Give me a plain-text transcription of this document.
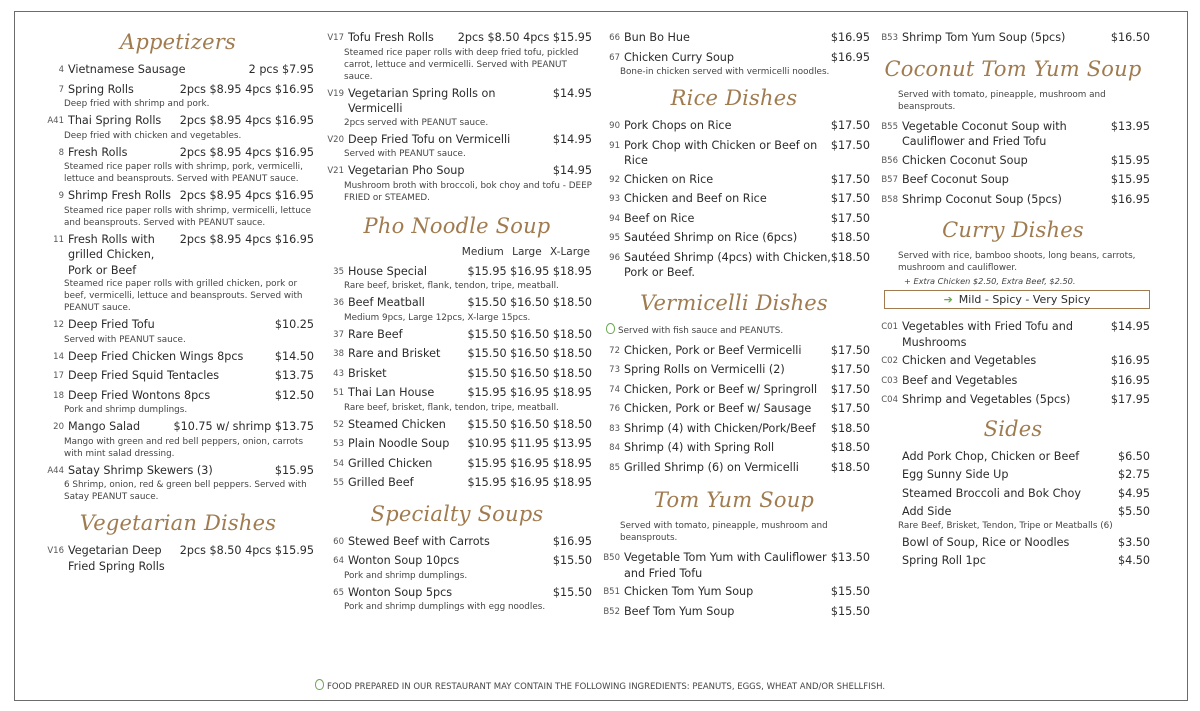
Appetizers
4 Vietnamese Sausage	2 pcs $7.95
7 Spring Rolls	2pcs $8.95 4pcs $16.95
Deep fried with shrimp and pork.
A41 Thai Spring Rolls	2pcs $8.95 4pcs $16.95
Deep fried with chicken and vegetables.
8 Fresh Rolls	2pcs $8.95 4pcs $16.95
Steamed rice paper rolls with shrimp, pork, vermicelli, lettuce and beansprouts. Served with PEANUT sauce.
9 Shrimp Fresh Rolls 2pcs $8.95 4pcs $16.95
Steamed rice paper rolls with shrimp, vermicelli, lettuce and beansprouts. Served with PEANUT sauce.
11 Fresh Rolls with grilled Chicken, Pork or Beef
2pcs $8.95 4pcs $16.95
Steamed rice paper rolls with grilled chicken, pork or beef, vermicelli, lettuce and beansprouts. Served with PEANUT sauce.
12 Deep Fried Tofu	$10.25
Served with PEANUT sauce.
14 Deep Fried Chicken Wings 8pcs	$14.50
17 Deep Fried Squid Tentacles	$13.75
18 Deep Fried Wontons 8pcs	$12.50
Pork and shrimp dumplings.
20 Mango Salad	$10.75 w/ shrimp $13.75
Mango with green and red bell peppers, onion, carrots with mint salad dressing.
A44 Satay Shrimp Skewers (3)	$15.95
6 Shrimp, onion, red & green bell peppers. Served with Satay PEANUT sauce.
Vegetarian Dishes
V16 Vegetarian Deep Fried Spring Rolls
2pcs $8.50 4pcs $15.95
V17 Tofu Fresh Rolls	2pcs $8.50 4pcs $15.95
Steamed rice paper rolls with deep fried tofu, pickled carrot, lettuce and vermicelli. Served with PEANUT sauce.
V19 Vegetarian Spring Rolls on Vermicelli
$14.95
2pcs served with PEANUT sauce.
V20 Deep Fried Tofu on Vermicelli	$14.95
Served with PEANUT sauce.
V21 Vegetarian Pho Soup	$14.95
Mushroom broth with broccoli, bok choy and tofu - DEEP FRIED or STEAMED.
Pho Noodle Soup
Medium Large X-Large
35 House Special	$15.95 $16.95 $18.95
Rare beef, brisket, flank, tendon, tripe, meatball.
36 Beef Meatball	$15.50 $16.50 $18.50
Medium 9pcs, Large 12pcs, X-large 15pcs.
37 Rare Beef	$15.50 $16.50 $18.50
38 Rare and Brisket	$15.50 $16.50 $18.50
43 Brisket	$15.50 $16.50 $18.50
51 Thai Lan House	$15.95 $16.95 $18.95
Rare beef, brisket, flank, tendon, tripe, meatball.
52 Steamed Chicken	$15.50 $16.50 $18.50
53 Plain Noodle Soup	$10.95 $11.95 $13.95
54 Grilled Chicken	$15.95 $16.95 $18.95
55 Grilled Beef	$15.95 $16.95 $18.95
Specialty Soups
60 Stewed Beef with Carrots	$16.95
64 Wonton Soup 10pcs	$15.50
Pork and shrimp dumplings.
65 Wonton Soup 5pcs	$15.50
Pork and shrimp dumplings with egg noodles.
66 Bun Bo Hue	$16.95
67 Chicken Curry Soup	$16.95
Bone-in chicken served with vermicelli noodles.
Rice Dishes
90 Pork Chops on Rice	$17.50
91 Pork Chop with Chicken or Beef on Rice
$17.50
92 Chicken on Rice	$17.50
93 Chicken and Beef on Rice	$17.50
94 Beef on Rice	$17.50
95 Sautéed Shrimp on Rice (6pcs)	$18.50
96 Sautéed Shrimp (4pcs) with Chicken, Pork or Beef.
$18.50
Vermicelli Dishes
Served with fish sauce and PEANUTS.
72 Chicken, Pork or Beef Vermicelli	$17.50
73 Spring Rolls on Vermicelli (2)	$17.50
74 Chicken, Pork or Beef w/ Springroll	$17.50
76 Chicken, Pork or Beef w/ Sausage	$17.50
83 Shrimp (4) with Chicken/Pork/Beef	$18.50
84 Shrimp (4) with Spring Roll	$18.50
85 Grilled Shrimp (6) on Vermicelli	$18.50
Tom Yum Soup
Served with tomato, pineapple, mushroom and beansprouts.
B50 Vegetable Tom Yum with Cauliflower and Fried Tofu
$13.50
B51 Chicken Tom Yum Soup	$15.50
B52 Beef Tom Yum Soup	$15.50
B53 Shrimp Tom Yum Soup (5pcs)	$16.50
Coconut Tom Yum Soup
Served with tomato, pineapple, mushroom and beansprouts.
B55 Vegetable Coconut Soup with Cauliflower and Fried Tofu
$13.95
B56 Chicken Coconut Soup	$15.95
B57 Beef Coconut Soup	$15.95
B58 Shrimp Coconut Soup (5pcs)	$16.95
Curry Dishes
Served with rice, bamboo shoots, long beans, carrots, mushroom and cauliflower.
+ Extra Chicken $2.50, Extra Beef, $2.50.
➔ Mild - Spicy - Very Spicy
C01 Vegetables with Fried Tofu and Mushrooms
$14.95
C02 Chicken and Vegetables	$16.95
C03 Beef and Vegetables	$16.95
C04 Shrimp and Vegetables (5pcs)	$17.95
Sides
Add Pork Chop, Chicken or Beef	$6.50
Egg Sunny Side Up	$2.75
Steamed Broccoli and Bok Choy	$4.95
Add Side	$5.50
Rare Beef, Brisket, Tendon, Tripe or Meatballs (6)
Bowl of Soup, Rice or Noodles	$3.50
Spring Roll 1pc	$4.50
FOOD PREPARED IN OUR RESTAURANT MAY CONTAIN THE FOLLOWING INGREDIENTS: PEANUTS, EGGS, WHEAT AND/OR SHELLFISH.
